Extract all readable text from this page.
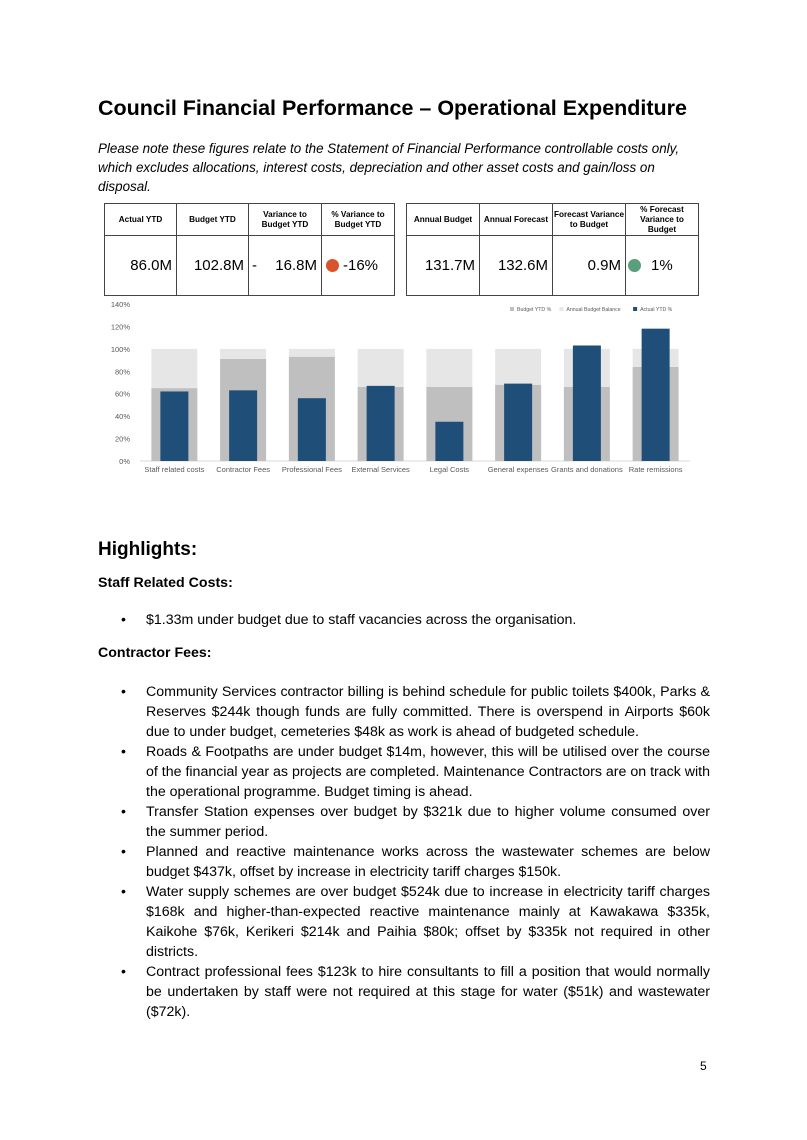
Council Financial Performance – Operational Expenditure

Please note these figures relate to the Statement of Financial Performance controllable costs only, which excludes allocations, interest costs, depreciation and other asset costs and gain/loss on disposal.

Actual YTD	Budget YTD	Variance to Budget YTD	% Variance to Budget YTD

86.0M	102.8M	- 16.8M	-16%
Annual Budget	Annual Forecast	Forecast Variance to Budget	% Forecast Variance to Budget

131.7M	132.6M	0.9M	1%
0%
20%
40%
60%
80%
100%
120%
140%
Staff related costs Contractor Fees Professional Fees External Services	Legal Costs General expenses Grants and donations Rate remissions
Budget YTD %	Annual Budget Balance	Actual YTD %
Highlights:

Staff Related Costs:

• $1.33m under budget due to staff vacancies across the organisation.

Contractor Fees:

• Community Services contractor billing is behind schedule for public toilets $400k, Parks & Reserves $244k though funds are fully committed. There is overspend in Airports $60k due to under budget, cemeteries $48k as work is ahead of budgeted schedule.
• Roads & Footpaths are under budget $14m, however, this will be utilised over the course of the financial year as projects are completed. Maintenance Contractors are on track with the operational programme. Budget timing is ahead.
• Transfer Station expenses over budget by $321k due to higher volume consumed over the summer period.
• Planned and reactive maintenance works across the wastewater schemes are below budget $437k, offset by increase in electricity tariff charges $150k.
• Water supply schemes are over budget $524k due to increase in electricity tariff charges $168k and higher-than-expected reactive maintenance mainly at Kawakawa $335k, Kaikohe $76k, Kerikeri $214k and Paihia $80k; offset by $335k not required in other districts.
• Contract professional fees $123k to hire consultants to fill a position that would normally be undertaken by staff were not required at this stage for water ($51k) and wastewater ($72k).
5
